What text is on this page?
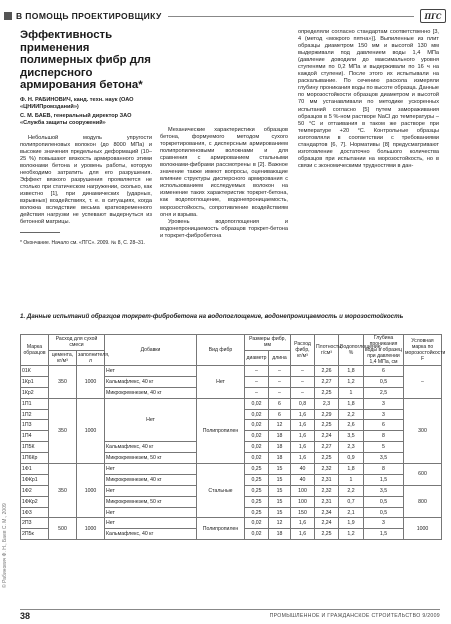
В ПОМОЩЬ ПРОЕКТИРОВЩИКУ	ПГС
© Рабинович Ф. Н., Баев С. М., 2009

Эффективность применения полимерных фибр для дисперсного армирования бетона*

Ф. Н. РАБИНОВИЧ, канд. техн. наук (ОАО «ЦНИИПромзданий»)
С. М. БАЕВ, генеральный директор ЗАО «Служба защиты сооружений»

Небольшой модуль упругости полипропиленовых волокон (до 8000 МПа) и высокие значения предельных деформаций (10–25 %) повышают вязкость армированного этими волокнами бетона и уровень работы, которую необходимо затратить для его разрушения. Эффект вязкого разрушения проявляется не столько при статическом нагружении, сколько, как известно [1], при динамических (ударных, взрывных) воздействиях, т. е. в ситуациях, когда волокна вследствие весьма кратковременного действия нагрузки не успевают выдернуться из бетонной матрицы.

* Окончание. Начало см. «ПГС». 2009. № 8, С. 28–31.

Механические характеристики образцов бетона, формуемого методом сухого торкретирования, с дисперсным армированием полипропиленовыми волокнами и для сравнения с армированием стальными волокнами-фибрами рассмотрены в [2]. Важное значение также имеют вопросы, оценивающие влияние структуры дисперсного армирования с использованием исследуемых волокон на изменение таких характеристик торкрет-бетона, как водопоглощение, водонепроницаемость, морозостойкость, сопротивление воздействиям огня и взрыва.

Уровень водопоглощения и водонепроницаемость образцов торкрет-бетона и торкрет-фибробетона

определяли согласно стандартам соответственно [3, 4 (метод «мокрого пятна»)]. Выпиленные из плит образцы диаметром 150 мм и высотой 130 мм выдерживали под давлением воды 1,4 МПа (давление доводили до максимального уровня ступенями по 0,2 МПа и выдерживали по 16 ч на каждой ступени). После этого их испытывали на раскалывание. По сечению раскола измеряли глубину проникания воды по высоте образца. Данные по морозостойкости образцов диаметром и высотой 70 мм устанавливали по методике ускоренных испытаний согласно [5] путем замораживания образцов в 5 %-ном растворе NaCl до температуры –50 °С и оттаивания в таком же растворе при температуре +20 °С. Контрольные образцы изготовляли в соответствии с требованиями стандартов [6, 7]. Нормативы [8] предусматривают изготовление достаточно большого количества образцов при испытании на морозостойкость, но в связи с экономическими трудностями в дан-

1. Данные испытаний образцов торкрет-фибробетона на водопоглощение, водонепроницаемость и морозостойкость
Марка образцов	Расход для сухой смеси		Добавки	Вид фибр	Размеры фибр, мм		Расход фибр, кг/м³	Плотность, г/см³	Водопоглощение, %	Глубина проникания воды в образец при давлении 1,4 МПа, см	Условная марка по морозостойкости F
	цемента, кг/м³	заполнителя, л			диаметр	длина					
01К	350	1000	Нет	Нет	–	–	–	2,26	1,8	6	–
1Кр1			Кальмафлекс, 40 кг		–	–	–	2,27	1,2	0,5	
1Кр2			Микрокремнезем, 40 кг		–	–	–	2,25	1	2,5	
1П1	350	1000	Нет	Полипропилен	0,02	6	0,8	2,3	1,8	3	300
1П2					0,02	6	1,6	2,29	2,2	3	
1П3					0,02	12	1,6	2,25	2,6	6	
1П4					0,02	18	1,6	2,24	3,5	8	
1П5К			Кальмафлекс, 40 кг		0,02	18	1,6	2,27	2,3	5	
1П6Кр			Микрокремнезем, 50 кг		0,02	18	1,6	2,25	0,9	3,5	
1Ф1	350	1000	Нет	Стальные	0,25	15	40	2,32	1,8	8	600
1ФКр1			Микрокремнезем, 40 кг		0,25	15	40	2,31	1	1,5	
1Ф2			Нет		0,25	15	100	2,32	2,2	3,5	800
1ФКр2			Микрокремнезем, 50 кг		0,25	15	100	2,31	0,7	0,5	
1Ф3			Нет		0,25	15	150	2,34	2,1	0,5	
2П3	500	1000	Нет	Полипропилен	0,02	12	1,6	2,24	1,9	3	1000
2П5к			Кальмафлекс, 40 кг		0,02	18	1,6	2,25	1,2	1,5	
38	ПРОМЫШЛЕННОЕ И ГРАЖДАНСКОЕ СТРОИТЕЛЬСТВО 9/2009
